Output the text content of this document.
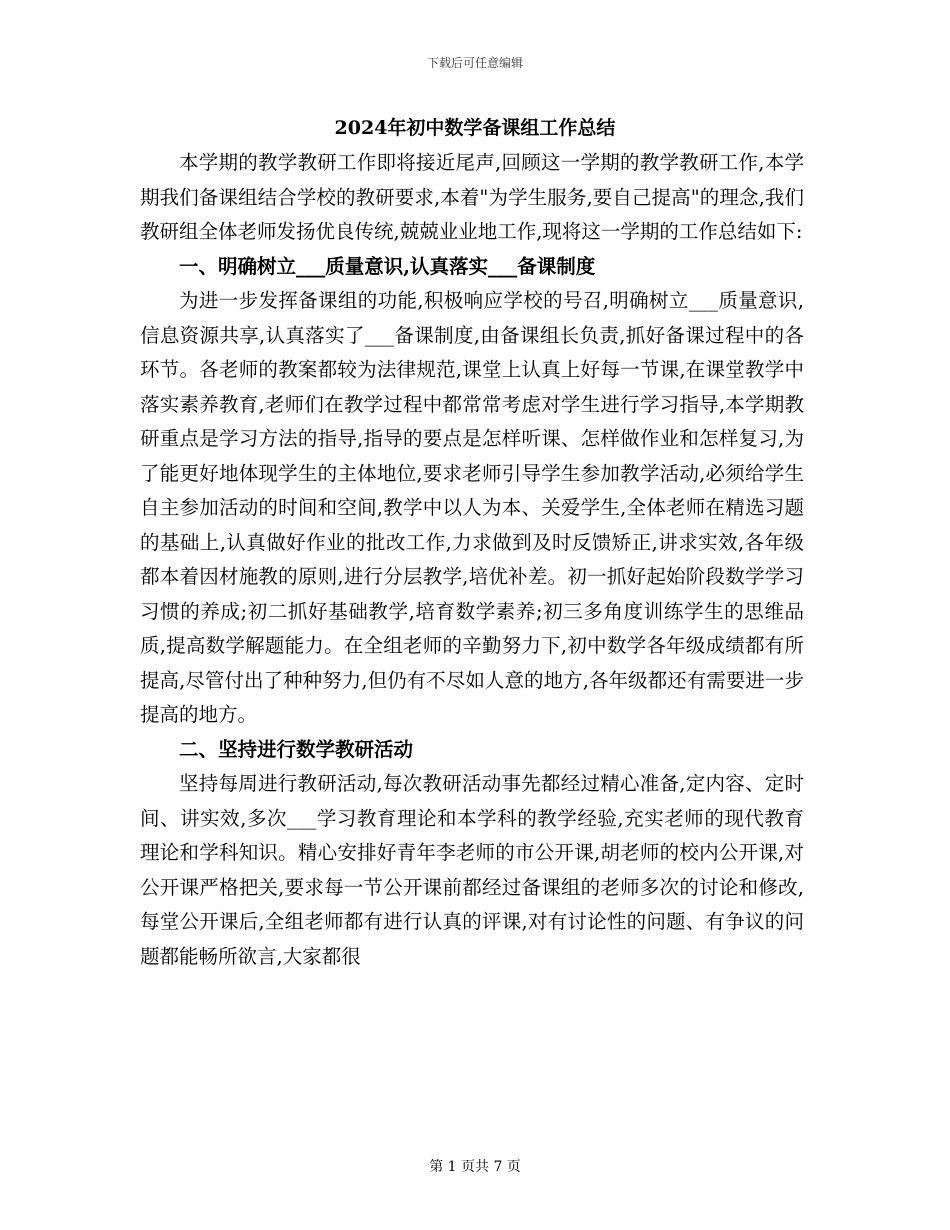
下载后可任意编辑
2024年初中数学备课组工作总结

本学期的教学教研工作即将接近尾声,回顾这一学期的教学教研工作,本学期我们备课组结合学校的教研要求,本着"为学生服务,要自己提高"的理念,我们教研组全体老师发扬优良传统,兢兢业业地工作,现将这一学期的工作总结如下:

一、明确树立___质量意识,认真落实___备课制度

为进一步发挥备课组的功能,积极响应学校的号召,明确树立___质量意识,信息资源共享,认真落实了___备课制度,由备课组长负责,抓好备课过程中的各环节。各老师的教案都较为法律规范,课堂上认真上好每一节课,在课堂教学中落实素养教育,老师们在教学过程中都常常考虑对学生进行学习指导,本学期教研重点是学习方法的指导,指导的要点是怎样听课、怎样做作业和怎样复习,为了能更好地体现学生的主体地位,要求老师引导学生参加教学活动,必须给学生自主参加活动的时间和空间,教学中以人为本、关爱学生,全体老师在精选习题的基础上,认真做好作业的批改工作,力求做到及时反馈矫正,讲求实效,各年级都本着因材施教的原则,进行分层教学,培优补差。初一抓好起始阶段数学学习习惯的养成;初二抓好基础教学,培育数学素养;初三多角度训练学生的思维品质,提高数学解题能力。在全组老师的辛勤努力下,初中数学各年级成绩都有所提高,尽管付出了种种努力,但仍有不尽如人意的地方,各年级都还有需要进一步提高的地方。

二、坚持进行数学教研活动

坚持每周进行教研活动,每次教研活动事先都经过精心准备,定内容、定时间、讲实效,多次___学习教育理论和本学科的教学经验,充实老师的现代教育理论和学科知识。精心安排好青年李老师的市公开课,胡老师的校内公开课,对公开课严格把关,要求每一节公开课前都经过备课组的老师多次的讨论和修改,每堂公开课后,全组老师都有进行认真的评课,对有讨论性的问题、有争议的问题都能畅所欲言,大家都很

第 1 页共 7 页
